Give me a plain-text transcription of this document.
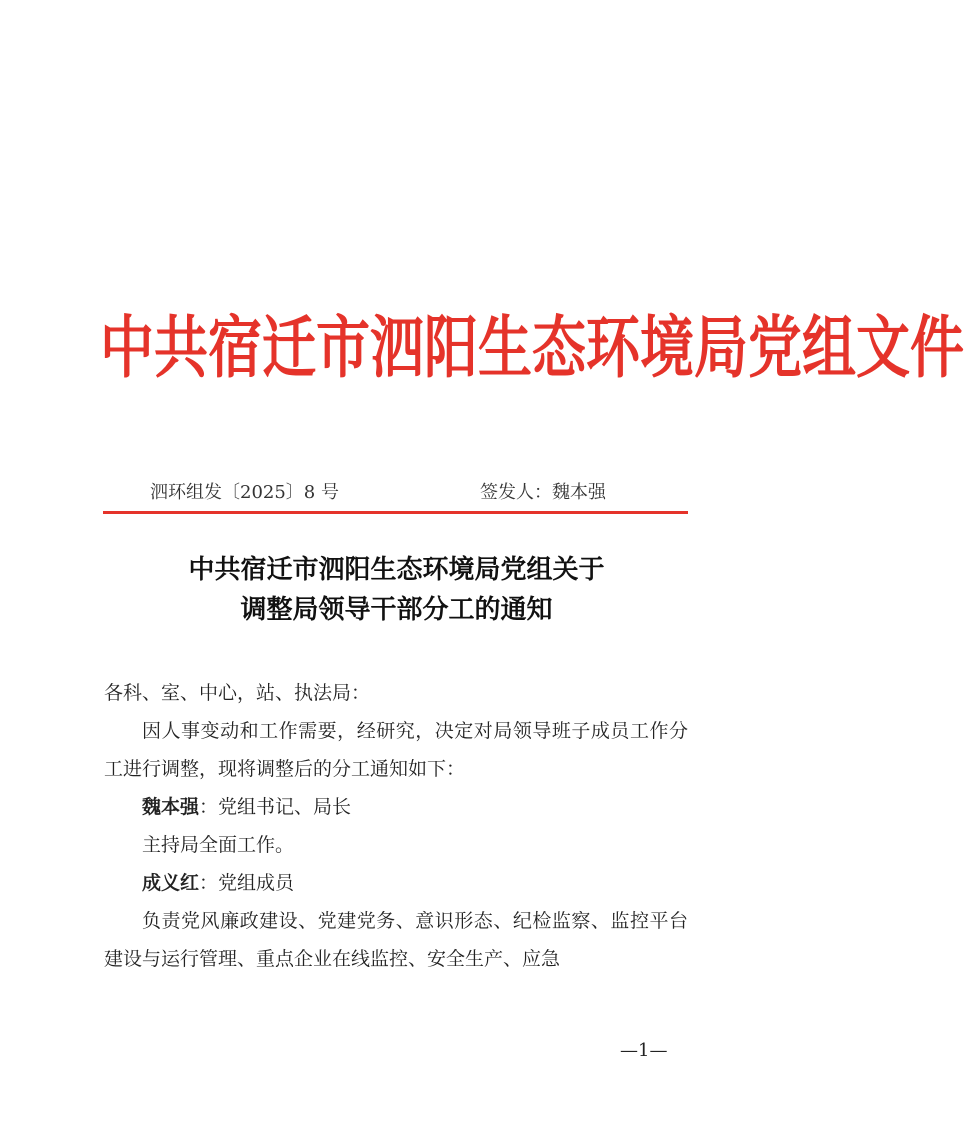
中共宿迁市泗阳生态环境局党组文件
泗环组发〔2025〕8 号	签发人：魏本强
中共宿迁市泗阳生态环境局党组关于
调整局领导干部分工的通知

各科、室、中心，站、执法局：

因人事变动和工作需要，经研究，决定对局领导班子成员工作分工进行调整，现将调整后的分工通知如下：

魏本强：党组书记、局长

主持局全面工作。

成义红：党组成员

负责党风廉政建设、党建党务、意识形态、纪检监察、监控平台建设与运行管理、重点企业在线监控、安全生产、应急

—1—
